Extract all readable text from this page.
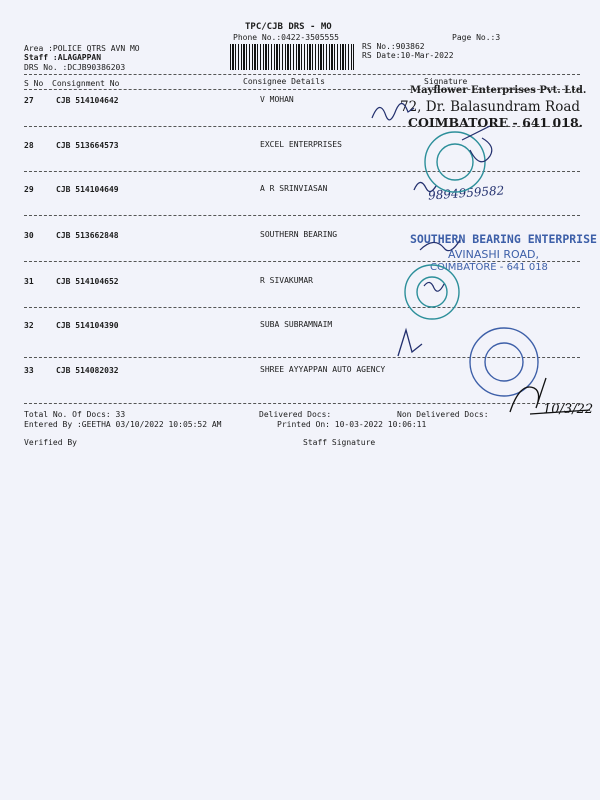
TPC/CJB DRS - MO
Phone No.:0422-3505555	Page No.:3
Area :POLICE QTRS AVN MO
Staff :ALAGAPPAN
DRS No. :DCJB90386203
RS No.:903862
RS Date:10-Mar-2022
S No Consignment No	Consignee Details	Signature
27	CJB 514104642	V MOHAN
28	CJB 513664573	EXCEL ENTERPRISES
29	CJB 514104649	A R SRINVIASAN
30	CJB 513662848	SOUTHERN BEARING
31	CJB 514104652	R SIVAKUMAR
32	CJB 514104390	SUBA SUBRAMNAIM
33	CJB 514082032	SHREE AYYAPPAN AUTO AGENCY
Total No. Of Docs: 33	Delivered Docs:	Non Delivered Docs:
Entered By :GEETHA 03/10/2022 10:05:52 AM	Printed On: 10-03-2022 10:06:11
Verified By	Staff Signature
Mayflower Enterprises Pvt. Ltd.
72, Dr. Balasundram Road
COIMBATORE - 641 018.
SOUTHERN BEARING ENTERPRISE
AVINASHI ROAD,
COIMBATORE - 641 018
9894959582
10/3/22
